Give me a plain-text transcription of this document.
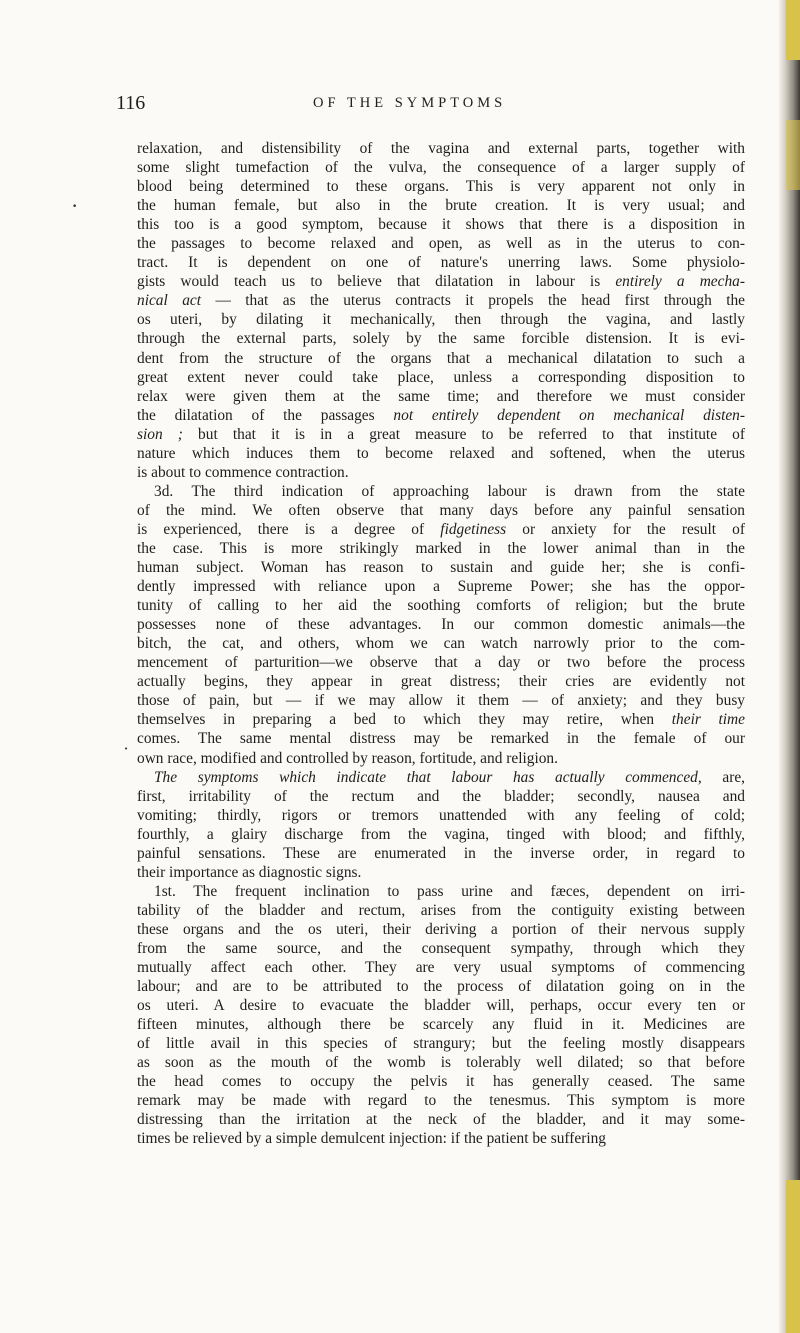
116	OF THE SYMPTOMS
relaxation, and distensibility of the vagina and external parts, together with
some slight tumefaction of the vulva, the consequence of a larger supply of
blood being determined to these organs. This is very apparent not only in
the human female, but also in the brute creation. It is very usual; and
this too is a good symptom, because it shows that there is a disposition in
the passages to become relaxed and open, as well as in the uterus to con-
tract. It is dependent on one of nature's unerring laws. Some physiolo-
gists would teach us to believe that dilatation in labour is entirely a mecha-
nical act — that as the uterus contracts it propels the head first through the
os uteri, by dilating it mechanically, then through the vagina, and lastly
through the external parts, solely by the same forcible distension. It is evi-
dent from the structure of the organs that a mechanical dilatation to such a
great extent never could take place, unless a corresponding disposition to
relax were given them at the same time; and therefore we must consider
the dilatation of the passages not entirely dependent on mechanical disten-
sion ; but that it is in a great measure to be referred to that institute of
nature which induces them to become relaxed and softened, when the uterus
is about to commence contraction.
3d. The third indication of approaching labour is drawn from the state
of the mind. We often observe that many days before any painful sensation
is experienced, there is a degree of fidgetiness or anxiety for the result of
the case. This is more strikingly marked in the lower animal than in the
human subject. Woman has reason to sustain and guide her; she is confi-
dently impressed with reliance upon a Supreme Power; she has the oppor-
tunity of calling to her aid the soothing comforts of religion; but the brute
possesses none of these advantages. In our common domestic animals—the
bitch, the cat, and others, whom we can watch narrowly prior to the com-
mencement of parturition—we observe that a day or two before the process
actually begins, they appear in great distress; their cries are evidently not
those of pain, but — if we may allow it them — of anxiety; and they busy
themselves in preparing a bed to which they may retire, when their time
comes. The same mental distress may be remarked in the female of our
own race, modified and controlled by reason, fortitude, and religion.
The symptoms which indicate that labour has actually commenced, are,
first, irritability of the rectum and the bladder; secondly, nausea and
vomiting; thirdly, rigors or tremors unattended with any feeling of cold;
fourthly, a glairy discharge from the vagina, tinged with blood; and fifthly,
painful sensations. These are enumerated in the inverse order, in regard to
their importance as diagnostic signs.
1st. The frequent inclination to pass urine and fæces, dependent on irri-
tability of the bladder and rectum, arises from the contiguity existing between
these organs and the os uteri, their deriving a portion of their nervous supply
from the same source, and the consequent sympathy, through which they
mutually affect each other. They are very usual symptoms of commencing
labour; and are to be attributed to the process of dilatation going on in the
os uteri. A desire to evacuate the bladder will, perhaps, occur every ten or
fifteen minutes, although there be scarcely any fluid in it. Medicines are
of little avail in this species of strangury; but the feeling mostly disappears
as soon as the mouth of the womb is tolerably well dilated; so that before
the head comes to occupy the pelvis it has generally ceased. The same
remark may be made with regard to the tenesmus. This symptom is more
distressing than the irritation at the neck of the bladder, and it may some-
times be relieved by a simple demulcent injection: if the patient be suffering
•
•
